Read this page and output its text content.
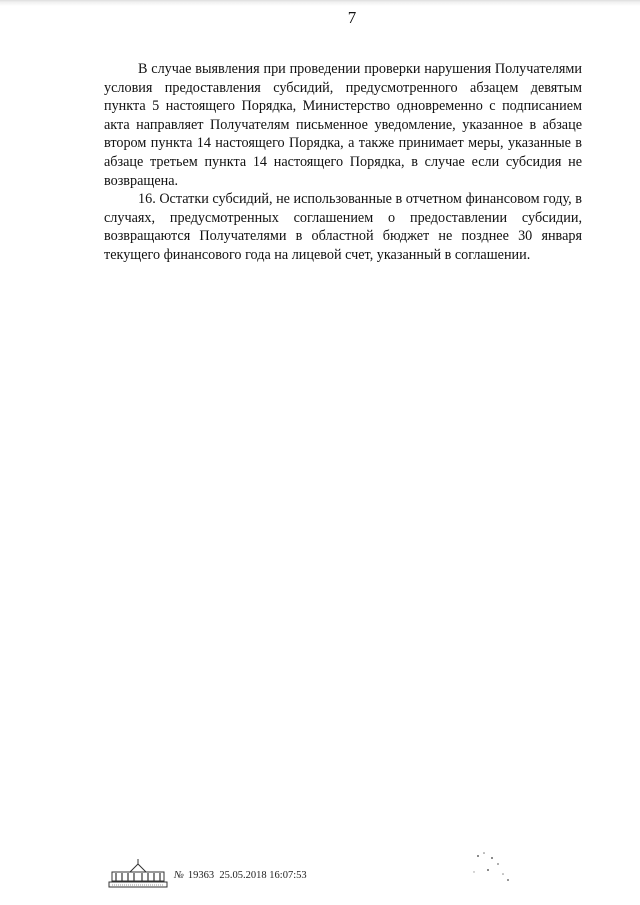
7

В случае выявления при проведении проверки нарушения Получателями условия предоставления субсидий, предусмотренного абзацем девятым пункта 5 настоящего Порядка, Министерство одновременно с подписанием акта направляет Получателям письменное уведомление, указанное в абзаце втором пункта 14 настоящего Порядка, а также принимает меры, указанные в абзаце третьем пункта 14 настоящего Порядка, в случае если субсидия не возвращена.

16. Остатки субсидий, не использованные в отчетном финансовом году, в случаях, предусмотренных соглашением о предоставлении субсидии, возвращаются Получателями в областной бюджет не позднее 30 января текущего финансового года на лицевой счет, указанный в соглашении.

№ 19363 25.05.2018 16:07:53
